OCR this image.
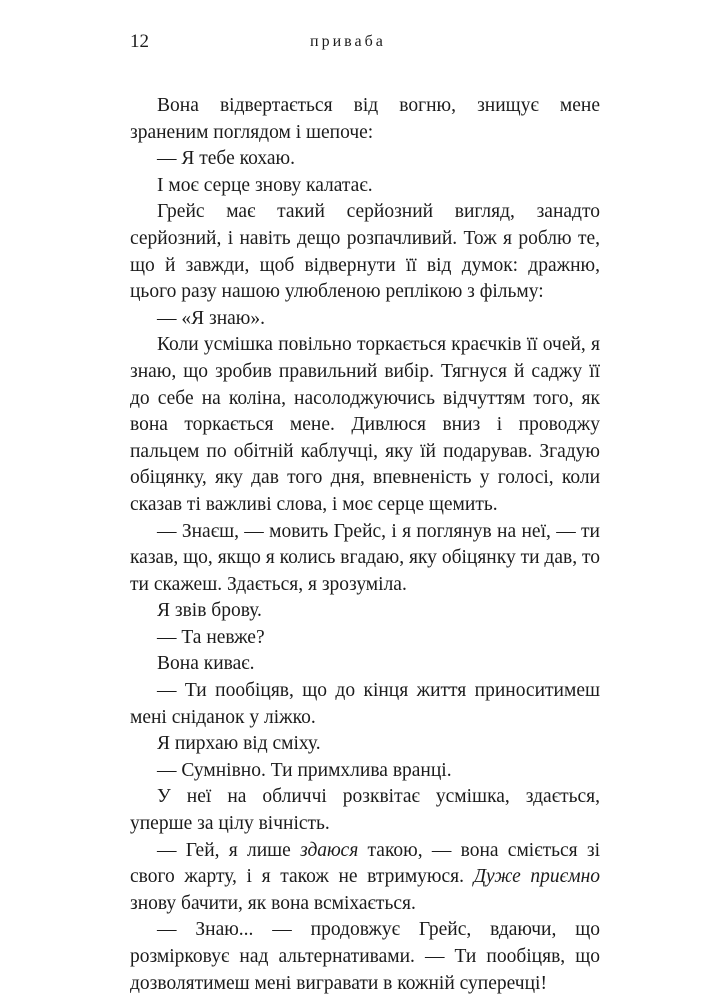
12	приваба

Вона відвертається від вогню, знищує мене зраненим поглядом і шепоче:

— Я тебе кохаю.

І моє серце знову калатає.

Грейс має такий серйозний вигляд, занадто серйозний, і навіть дещо розпачливий. Тож я роблю те, що й завжди, щоб відвернути її від думок: дражню, цього разу нашою улюбленою реплікою з фільму:

— «Я знаю».

Коли усмішка повільно торкається краєчків її очей, я знаю, що зробив правильний вибір. Тягнуся й саджу її до себе на коліна, насолоджуючись відчуттям того, як вона торкається мене. Дивлюся вниз і проводжу пальцем по обітній каблучці, яку їй подарував. Згадую обіцянку, яку дав того дня, впевненість у голосі, коли сказав ті важливі слова, і моє серце щемить.

— Знаєш, — мовить Грейс, і я поглянув на неї, — ти казав, що, якщо я колись вгадаю, яку обіцянку ти дав, то ти скажеш. Здається, я зрозуміла.

Я звів брову.

— Та невже?

Вона киває.

— Ти пообіцяв, що до кінця життя приноситимеш мені сніданок у ліжко.

Я пирхаю від сміху.

— Сумнівно. Ти примхлива вранці.

У неї на обличчі розквітає усмішка, здається, уперше за цілу вічність.

— Гей, я лише здаюся такою, — вона сміється зі свого жарту, і я також не втримуюся. Дуже приємно знову бачити, як вона всміхається.

— Знаю... — продовжує Грейс, вдаючи, що розмірковує над альтернативами. — Ти пообіцяв, що дозволятимеш мені вигравати в кожній суперечці!
